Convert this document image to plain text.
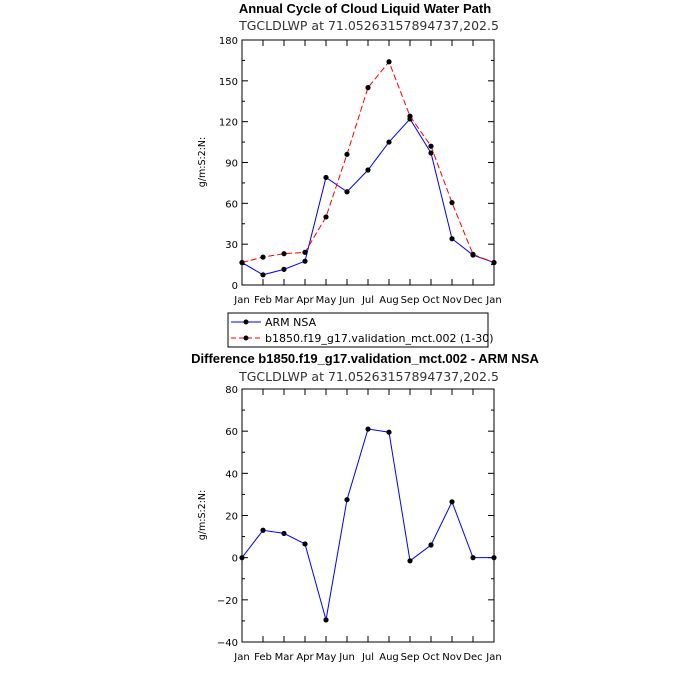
Annual Cycle of Cloud Liquid Water Path
TGCLDLWP at 71.05263157894737,202.5
g/m:S:2:N:
0
30
60
90
120
150
180
Jan Feb Mar Apr May Jun Jul Aug Sep Oct Nov Dec Jan
ARM NSA
b1850.f19_g17.validation_mct.002 (1-30)
Difference b1850.f19_g17.validation_mct.002 - ARM NSA
TGCLDLWP at 71.05263157894737,202.5
g/m:S:2:N:
−40
−20
0
20
40
60
80
Jan Feb Mar Apr May Jun Jul Aug Sep Oct Nov Dec Jan
